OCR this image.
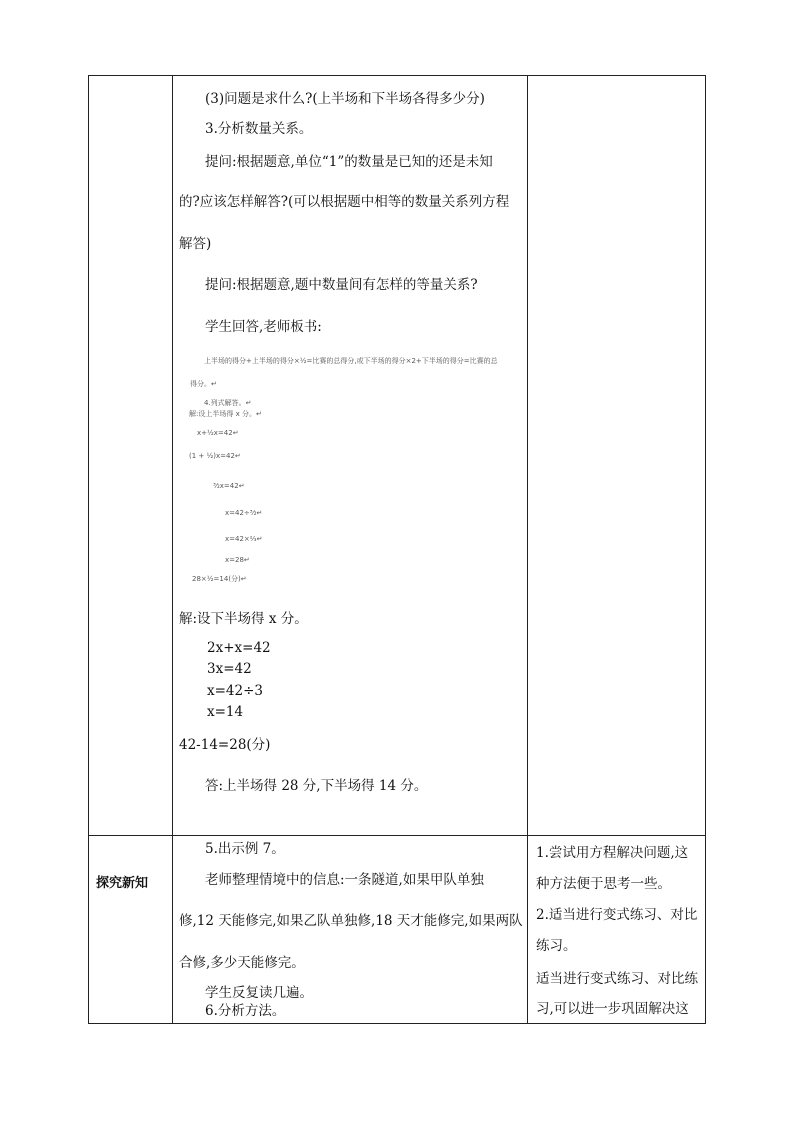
(3)问题是求什么?(上半场和下半场各得多少分)
3.分析数量关系。
提问:根据题意,单位“1”的数量是已知的还是未知
的?应该怎样解答?(可以根据题中相等的数量关系列方程
解答)
提问:根据题意,题中数量间有怎样的等量关系?
学生回答,老师板书:
上半场的得分+上半场的得分×½=比赛的总得分,或下半场的得分×2+下半场的得分=比赛的总
得分。↵
4.列式解答。↵
解:设上半场得 x 分。↵
x+½x=42↵
(1 + ½)x=42↵
³⁄₂x=42↵
x=42÷³⁄₂↵
x=42×⅔↵
x=28↵
28×½=14(分)↵
解:设下半场得 x 分。
2x+x=42
3x=42
x=42÷3
x=14
42-14=28(分)
答:上半场得 28 分,下半场得 14 分。
探究新知
5.出示例 7。
老师整理情境中的信息:一条隧道,如果甲队单独
修,12 天能修完,如果乙队单独修,18 天才能修完,如果两队
合修,多少天能修完。
学生反复读几遍。
6.分析方法。
1.尝试用方程解决问题,这
种方法便于思考一些。
2.适当进行变式练习、对比
练习。
适当进行变式练习、对比练
习,可以进一步巩固解决这
